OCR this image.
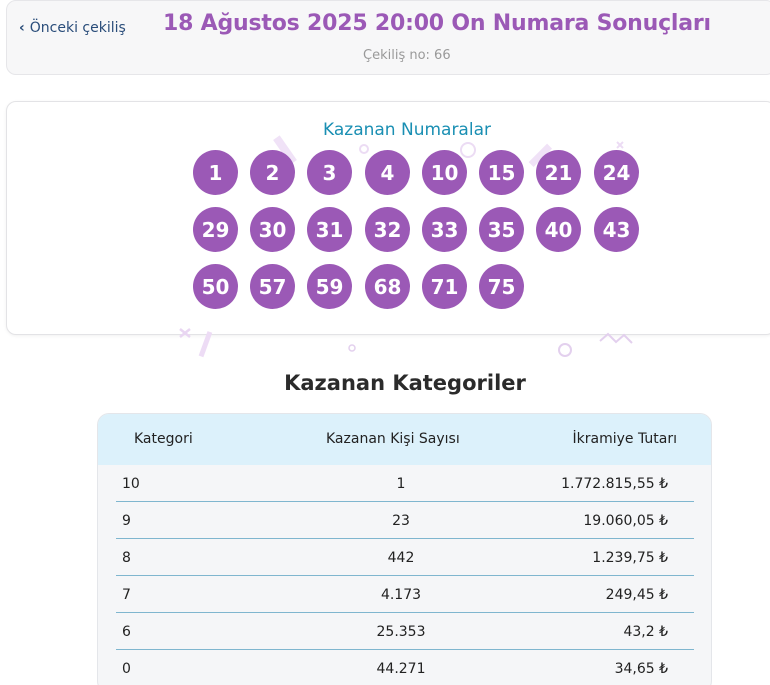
‹ Önceki çekiliş 18 Ağustos 2025 20:00 On Numara Sonuçları
Çekiliş no: 66
Kazanan Numaralar
1	2	3	4	10	15	21	24
29	30	31	32	33	35	40	43
50	57	59	68	71	75
Kazanan Kategoriler
Kategori	Kazanan Kişi Sayısı	İkramiye Tutarı
10	1	1.772.815,55 ₺
9	23	19.060,05 ₺
8	442	1.239,75 ₺
7	4.173	249,45 ₺
6	25.353	43,2 ₺
0	44.271	34,65 ₺
